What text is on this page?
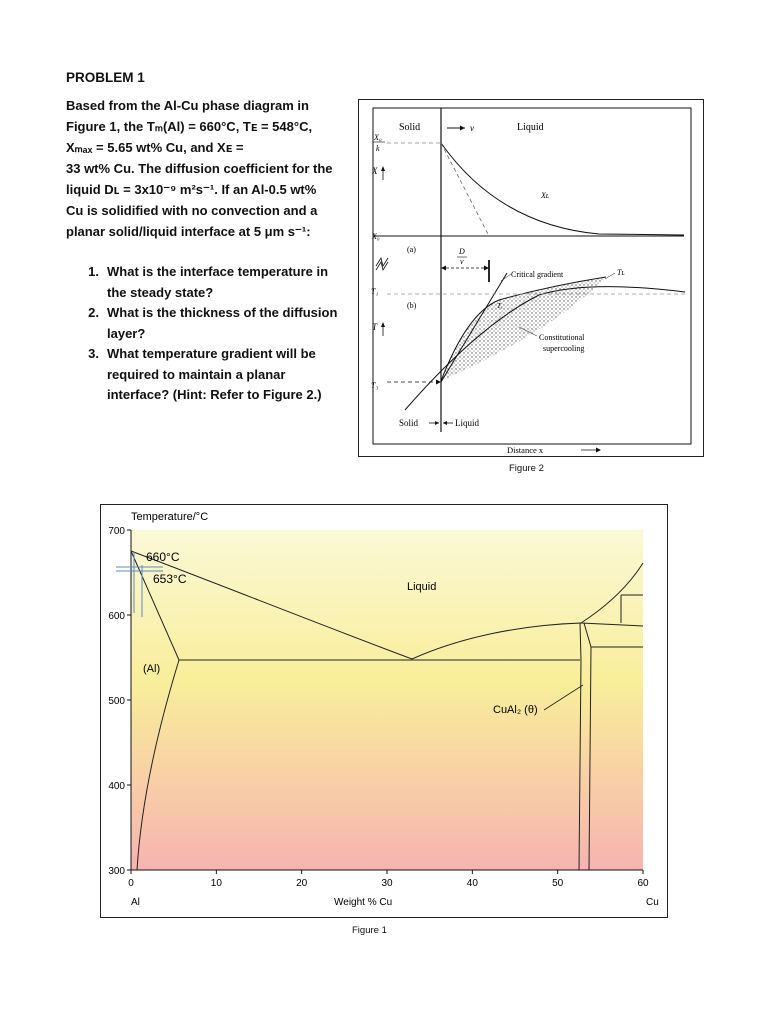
PROBLEM 1
Based from the Al-Cu phase diagram in
Figure 1, the Tₘ(Al) = 660°C, Tᴇ = 548°C,
Xₘₐₓ = 5.65 wt% Cu, and Xᴇ =
33 wt% Cu. The diffusion coefficient for the
liquid Dʟ = 3x10⁻⁹ m²s⁻¹. If an Al-0.5 wt%
Cu is solidified with no convection and a
planar solid/liquid interface at 5 μm s⁻¹:
1. What is the interface temperature in the steady state?
2. What is the thickness of the diffusion layer?
3. What temperature gradient will be required to maintain a planar interface? (Hint: Refer to Figure 2.)
Solid	v	Liquid
X₀
k
X
Xʟ
X₀
(a)	D
v
Critical gradient	Tʟ
T₁
(b)	Tₑ
T
Constitutional
supercooling
T₃
Solid	Liquid
Distance x
Figure 2
Temperature/°C
700
600
500
400
300
0	10	20	30	40	50	60
Al	Weight % Cu	Cu
660°C
653°C
Liquid
(Al)
CuAl₂ (θ)
Figure 1
